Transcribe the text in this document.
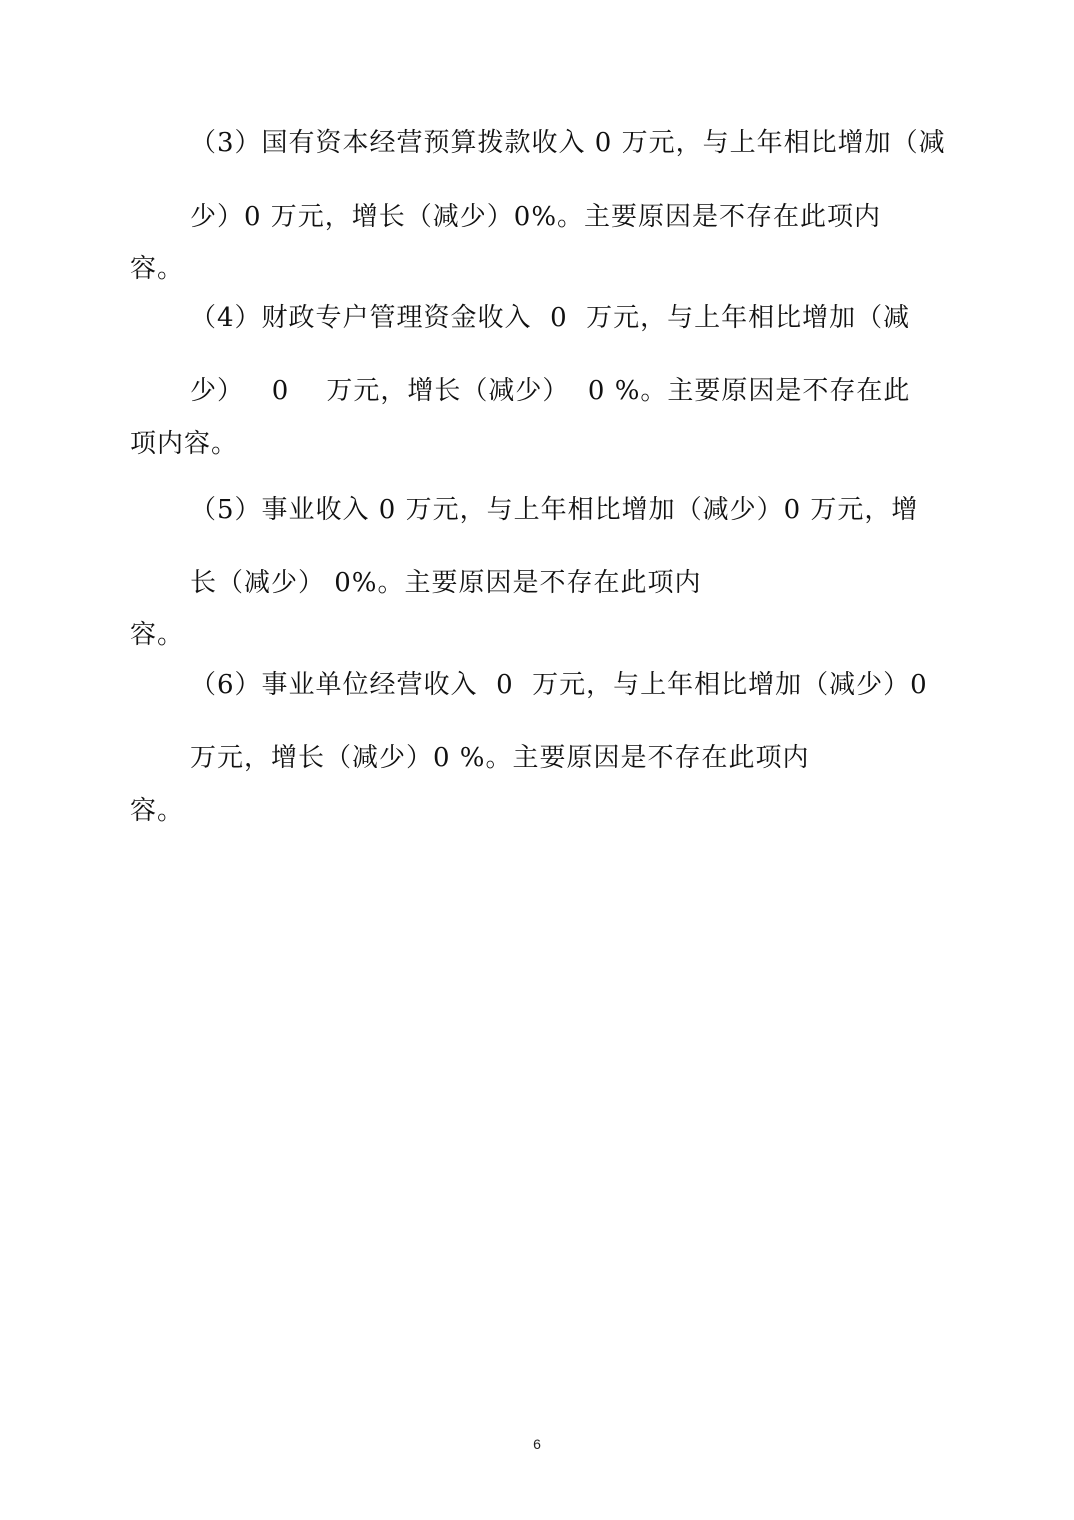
（3）国有资本经营预算拨款收入 0 万元，与上年相比增加（减
少）0 万元，增长（减少）0%。主要原因是不存在此项内
容。
（4）财政专户管理资金收入  0  万元，与上年相比增加（减
少）   0    万元，增长（减少）  0 %。主要原因是不存在此
项内容。
（5）事业收入 0 万元，与上年相比增加（减少）0 万元，增
长（减少） 0%。主要原因是不存在此项内
容。
（6）事业单位经营收入  0  万元，与上年相比增加（减少）0
万元，增长（减少）0 %。主要原因是不存在此项内
容。
6
